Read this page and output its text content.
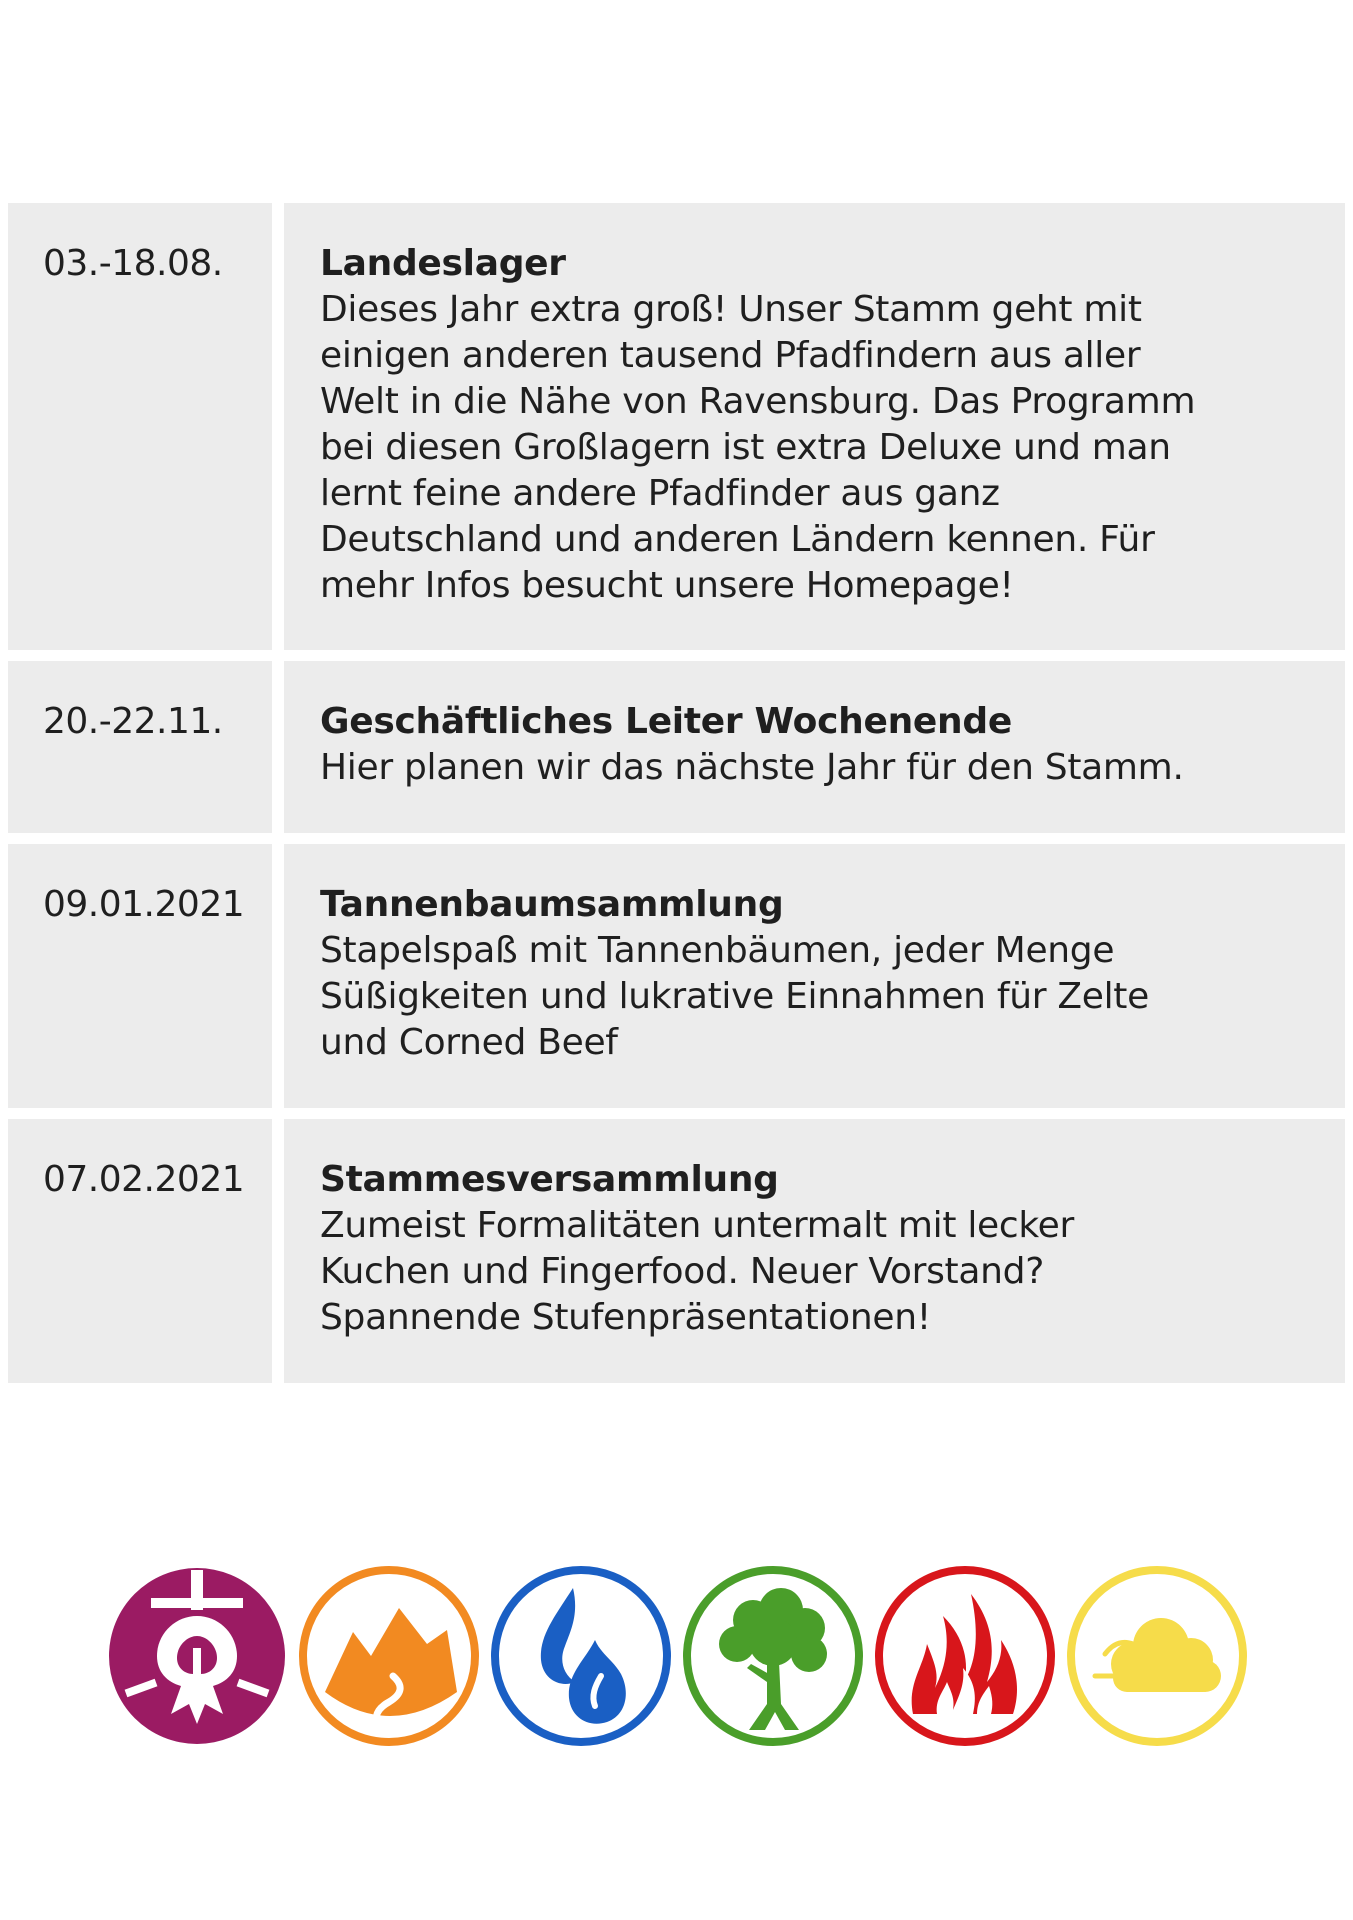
03.-18.08.	Landeslager
Dieses Jahr extra groß! Unser Stamm geht mit
einigen anderen tausend Pfadfindern aus aller
Welt in die Nähe von Ravensburg. Das Programm
bei diesen Großlagern ist extra Deluxe und man
lernt feine andere Pfadfinder aus ganz
Deutschland und anderen Ländern kennen. Für
mehr Infos besucht unsere Homepage!
20.-22.11.	Geschäftliches Leiter Wochenende
Hier planen wir das nächste Jahr für den Stamm.
09.01.2021	Tannenbaumsammlung
Stapelspaß mit Tannenbäumen, jeder Menge
Süßigkeiten und lukrative Einnahmen für Zelte
und Corned Beef
07.02.2021	Stammesversammlung
Zumeist Formalitäten untermalt mit lecker
Kuchen und Fingerfood. Neuer Vorstand?
Spannende Stufenpräsentationen!
